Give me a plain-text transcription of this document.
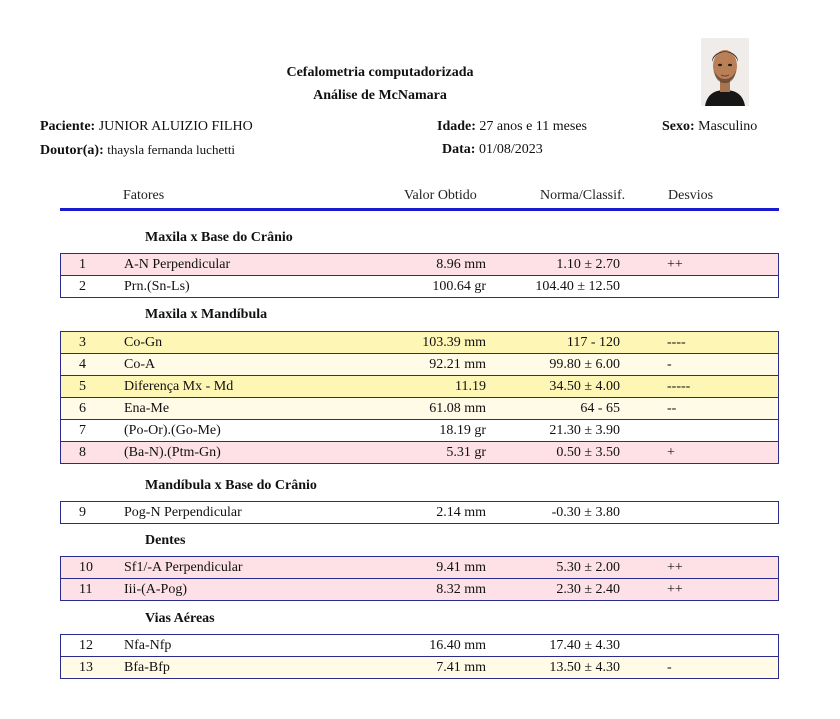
Cefalometria computadorizada
Análise de McNamara
Paciente: JUNIOR ALUIZIO FILHO	Idade: 27 anos e 11 meses	Sexo: Masculino
Doutor(a): thaysla fernanda luchetti	Data: 01/08/2023
Fatores	Valor Obtido	Norma/Classif.	Desvios
Maxila x Base do Crânio
1	A-N Perpendicular	8.96 mm	1.10 ± 2.70	++
2	Prn.(Sn-Ls)	100.64 gr	104.40 ± 12.50
Maxila x Mandíbula
3	Co-Gn	103.39 mm	117 - 120	----
4	Co-A	92.21 mm	99.80 ± 6.00	-
5	Diferença Mx - Md	11.19	34.50 ± 4.00	-----
6	Ena-Me	61.08 mm	64 - 65	--
7	(Po-Or).(Go-Me)	18.19 gr	21.30 ± 3.90
8	(Ba-N).(Ptm-Gn)	5.31 gr	0.50 ± 3.50	+
Mandíbula x Base do Crânio
9	Pog-N Perpendicular	2.14 mm	-0.30 ± 3.80
Dentes
10 Sf1/-A Perpendicular	9.41 mm	5.30 ± 2.00	++
11 Iii-(A-Pog)	8.32 mm	2.30 ± 2.40	++
Vias Aéreas
12 Nfa-Nfp	16.40 mm	17.40 ± 4.30
13 Bfa-Bfp	7.41 mm	13.50 ± 4.30	-
